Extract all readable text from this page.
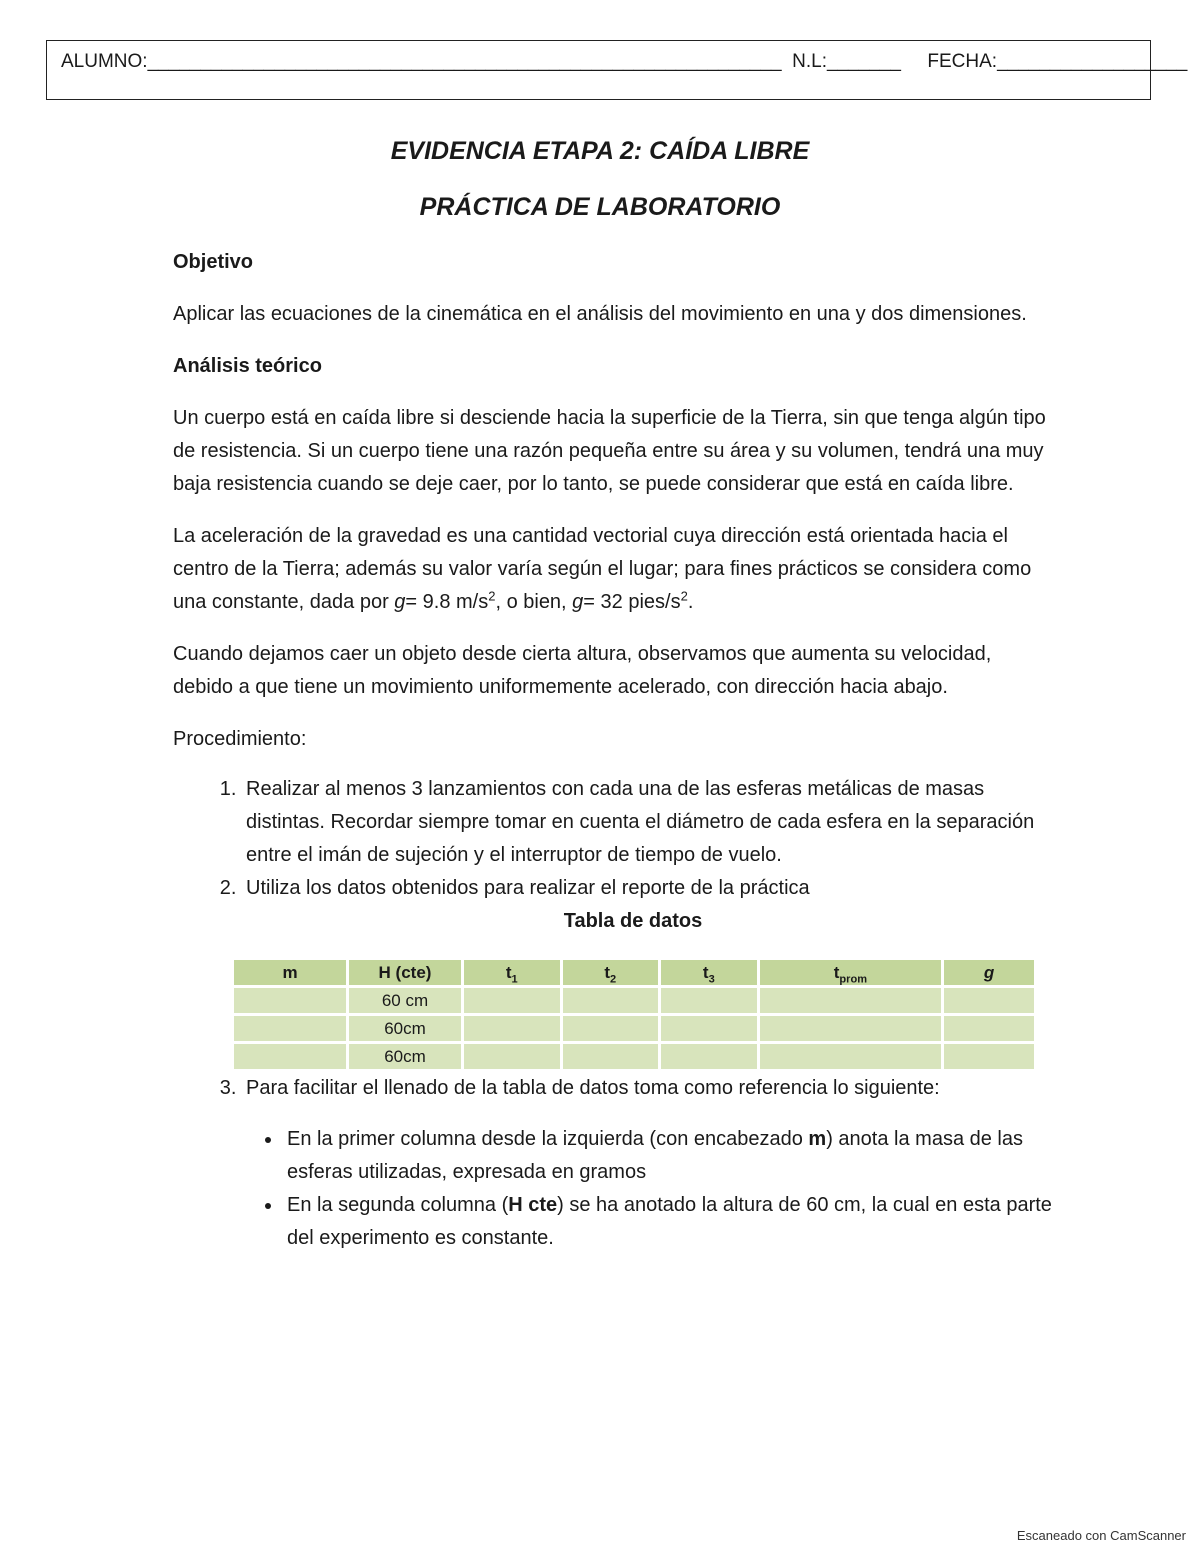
ALUMNO:____________________________________________________________ N.L:_______ FECHA:__________________
EVIDENCIA ETAPA 2: CAÍDA LIBRE
PRÁCTICA DE LABORATORIO

Objetivo

Aplicar las ecuaciones de la cinemática en el análisis del movimiento en una y dos dimensiones.

Análisis teórico

Un cuerpo está en caída libre si desciende hacia la superficie de la Tierra, sin que tenga algún tipo de resistencia. Si un cuerpo tiene una razón pequeña entre su área y su volumen, tendrá una muy baja resistencia cuando se deje caer, por lo tanto, se puede considerar que está en caída libre.

La aceleración de la gravedad es una cantidad vectorial cuya dirección está orientada hacia el centro de la Tierra; además su valor varía según el lugar; para fines prácticos se considera como una constante, dada por g= 9.8 $m/s^2$, o bien, g= 32 pies/$s^2$.

Cuando dejamos caer un objeto desde cierta altura, observamos que aumenta su velocidad, debido a que tiene un movimiento uniformemente acelerado, con dirección hacia abajo.

Procedimiento:

1. Realizar al menos 3 lanzamientos con cada una de las esferas metálicas de masas distintas. Recordar siempre tomar en cuenta el diámetro de cada esfera en la separación entre el imán de sujeción y el interruptor de tiempo de vuelo.
2. Utiliza los datos obtenidos para realizar el reporte de la práctica

Tabla de datos

m	H (cte)	$t_1$	$t_2$	$t_3$	$t_{prom}$	g
	60 cm					
	60cm					
	60cm					
3. Para facilitar el llenado de la tabla de datos toma como referencia lo siguiente:
• En la primer columna desde la izquierda (con encabezado m) anota la masa de las esferas utilizadas, expresada en gramos
• En la segunda columna (H cte) se ha anotado la altura de 60 cm, la cual en esta parte del experimento es constante.
Escaneado con CamScanner
